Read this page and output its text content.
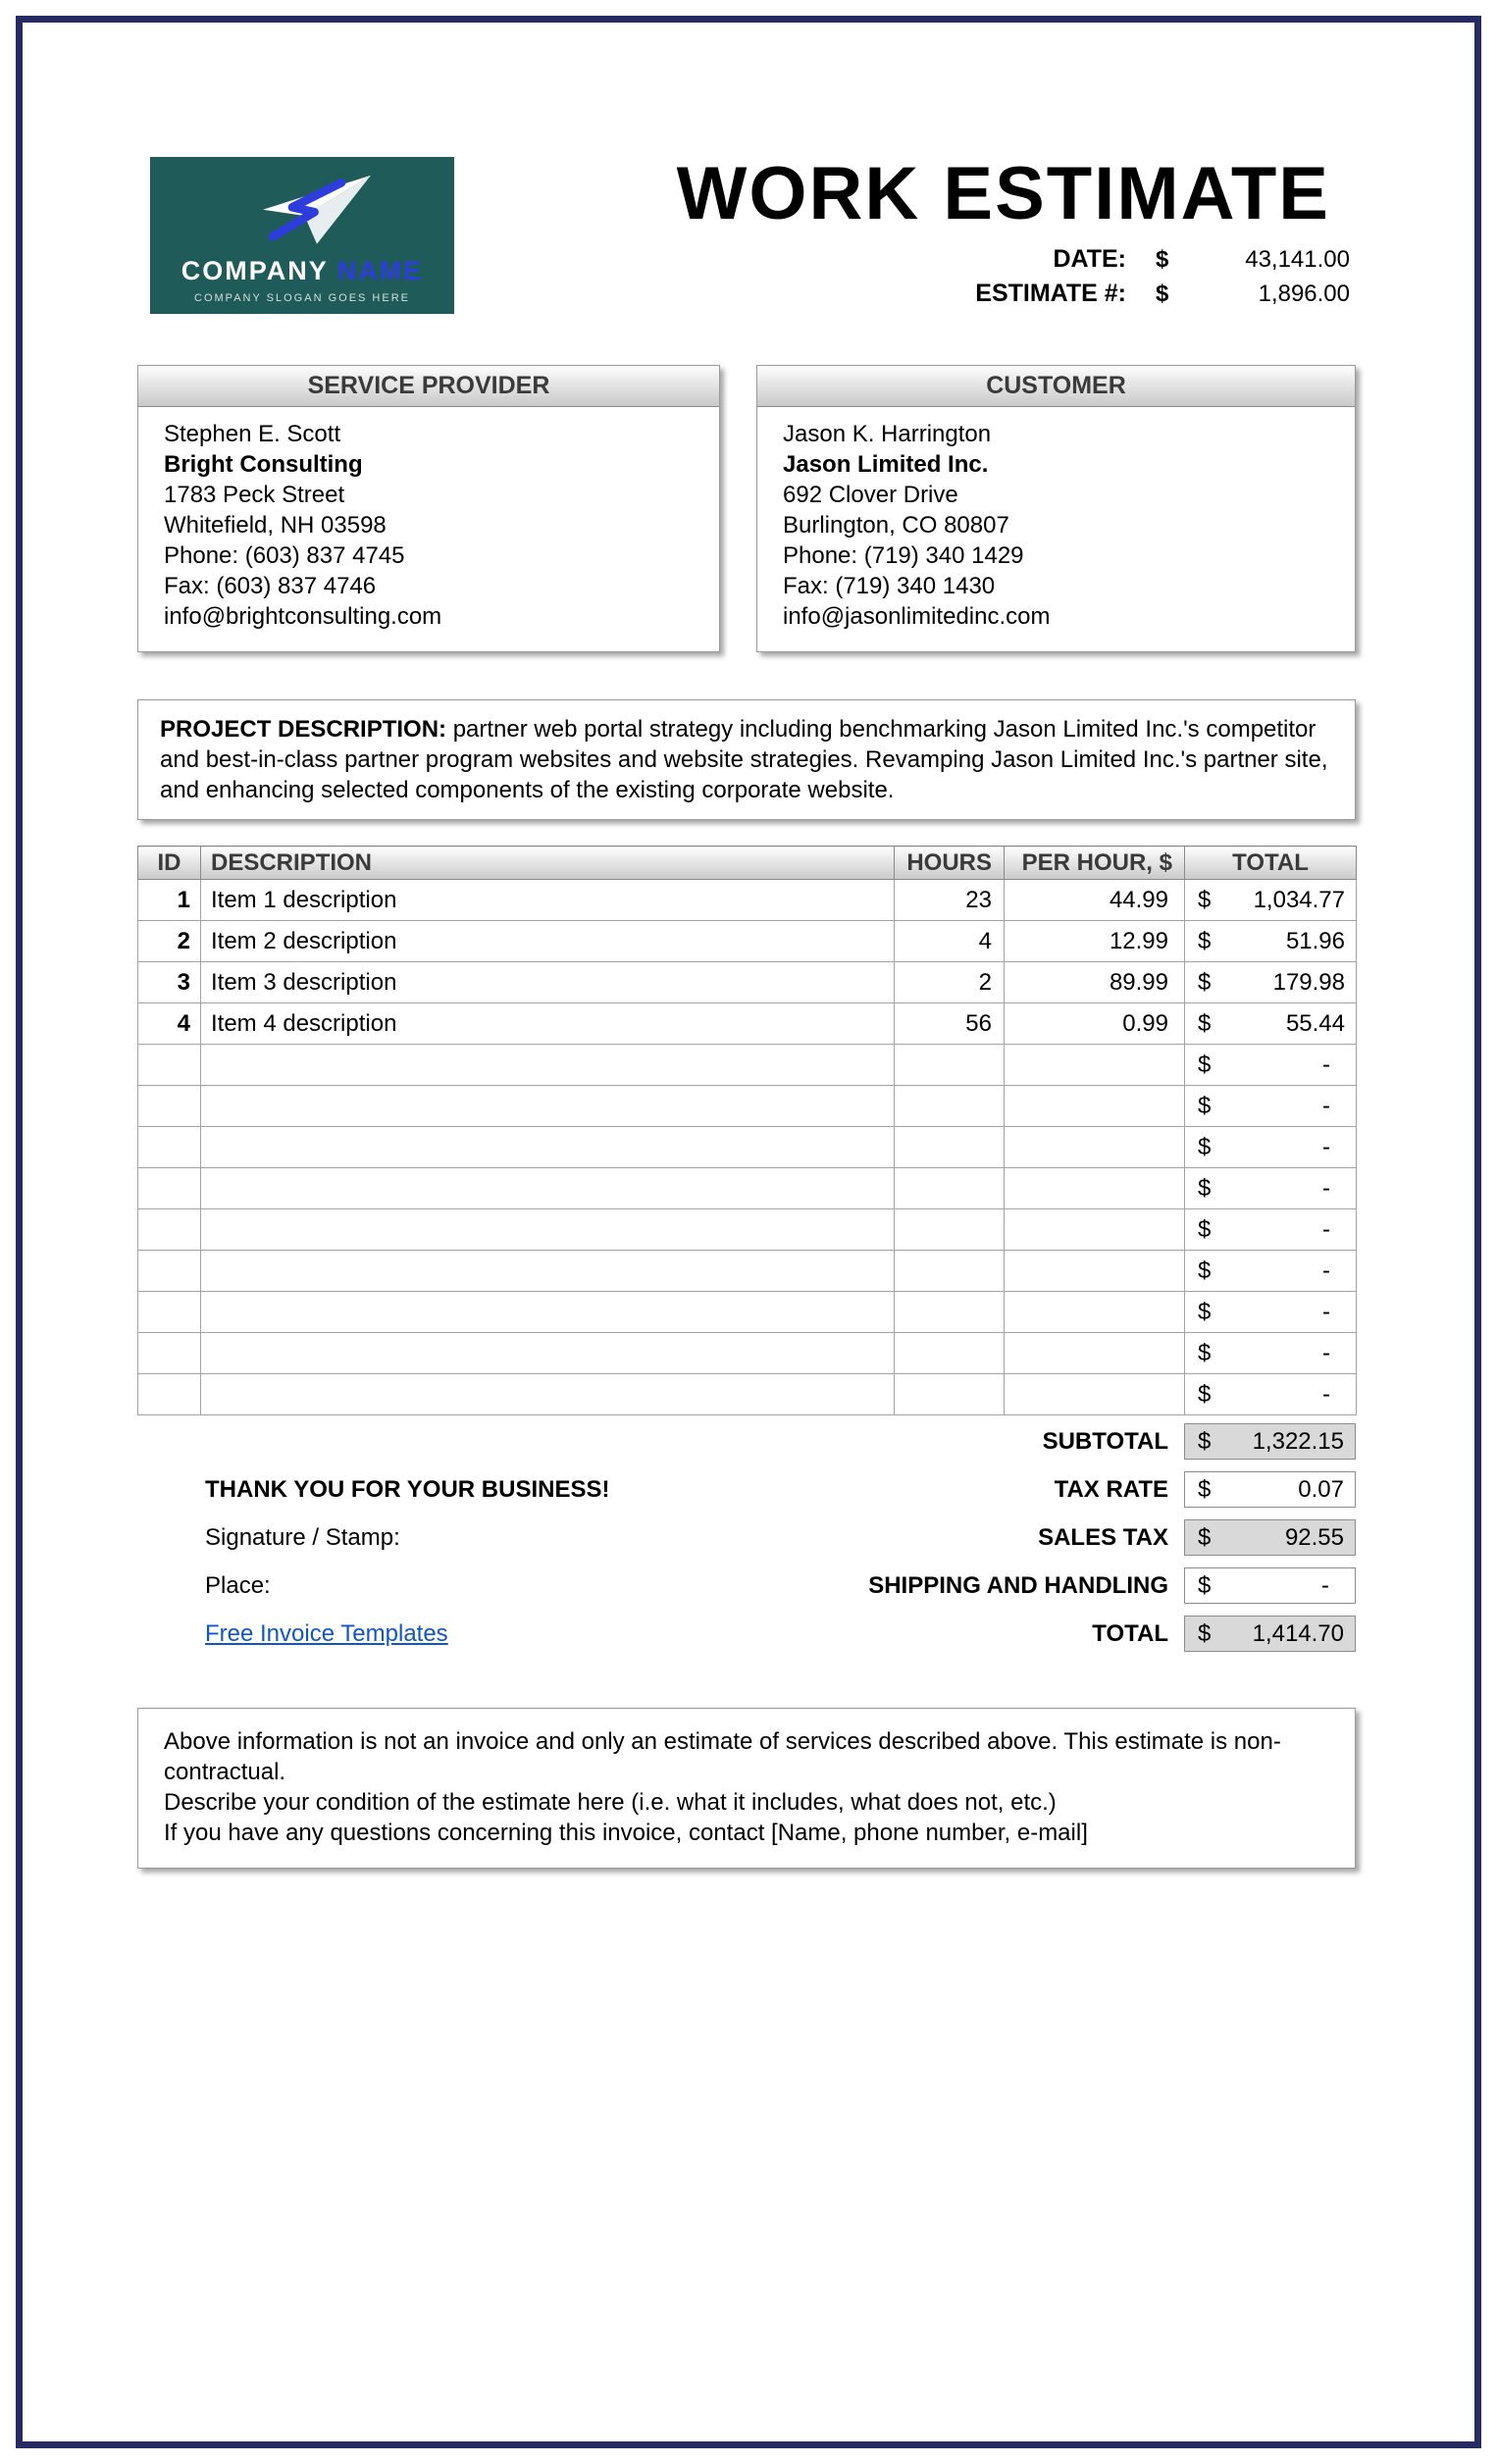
COMPANY NAME
COMPANY SLOGAN GOES HERE
WORK ESTIMATE
DATE: $	43,141.00
ESTIMATE #: $	1,896.00
SERVICE PROVIDER
Stephen E. Scott
Bright Consulting
1783 Peck Street
Whitefield, NH 03598
Phone: (603) 837 4745
Fax: (603) 837 4746
info@brightconsulting.com
CUSTOMER
Jason K. Harrington
Jason Limited Inc.
692 Clover Drive
Burlington, CO 80807
Phone: (719) 340 1429
Fax: (719) 340 1430
info@jasonlimitedinc.com
PROJECT DESCRIPTION: partner web portal strategy including benchmarking Jason Limited Inc.'s competitor and best-in-class partner program websites and website strategies. Revamping Jason Limited Inc.'s partner site, and enhancing selected components of the existing corporate website.
ID	DESCRIPTION	HOURS	PER HOUR, $	TOTAL
1	Item 1 description	23	44.99	$ 1,034.77

2	Item 2 description	4	12.99	$ 51.96

3	Item 3 description	2	89.99	$ 179.98

4	Item 4 description	56	0.99	$ 55.44

				$ -

				$ -

				$ -

				$ -

				$ -

				$ -

				$ -

				$ -

				$ -
SUBTOTAL $ 1,322.15
THANK YOU FOR YOUR BUSINESS!	TAX RATE $	0.07
Signature / Stamp:	SALES TAX $	92.55
Place:	SHIPPING AND HANDLING $	-
Free Invoice Templates	TOTAL $ 1,414.70

Above information is not an invoice and only an estimate of services described above. This estimate is non-contractual.

Describe your condition of the estimate here (i.e. what it includes, what does not, etc.)

If you have any questions concerning this invoice, contact [Name, phone number, e-mail]
